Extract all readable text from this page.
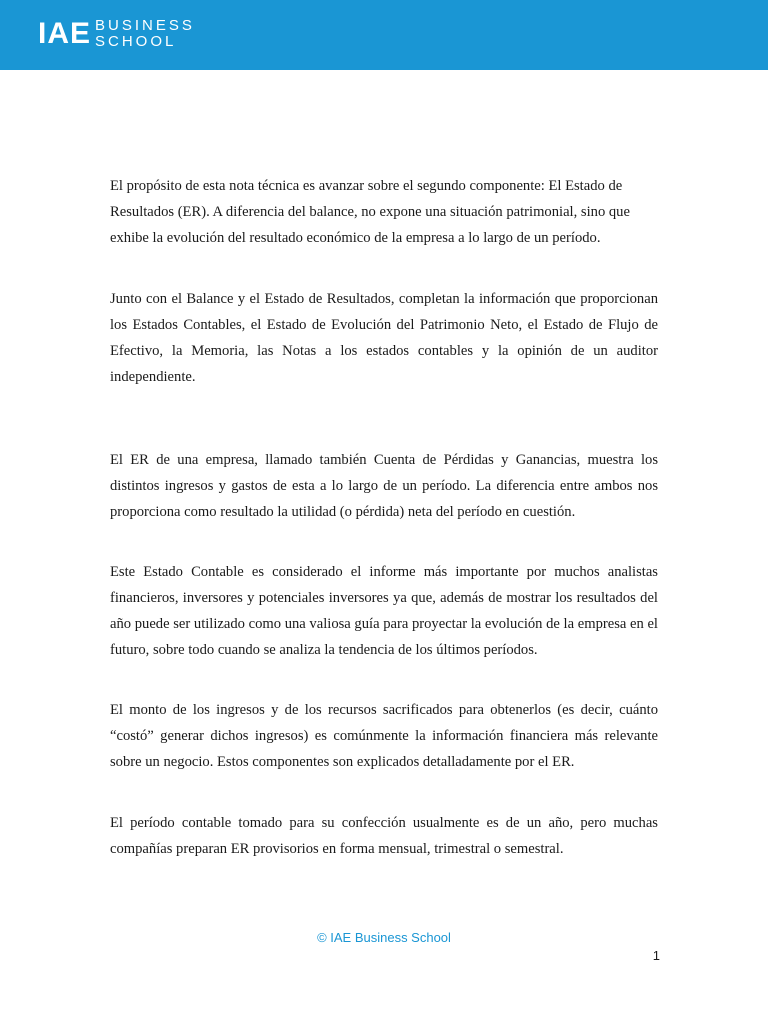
IAE BUSINESS
SCHOOL

El propósito de esta nota técnica es avanzar sobre el segundo componente: El Estado de Resultados (ER). A diferencia del balance, no expone una situación patrimonial, sino que exhibe la evolución del resultado económico de la empresa a lo largo de un período.

Junto con el Balance y el Estado de Resultados, completan la información que proporcionan los Estados Contables, el Estado de Evolución del Patrimonio Neto, el Estado de Flujo de Efectivo, la Memoria, las Notas a los estados contables y la opinión de un auditor independiente.

El ER de una empresa, llamado también Cuenta de Pérdidas y Ganancias, muestra los distintos ingresos y gastos de esta a lo largo de un período. La diferencia entre ambos nos proporciona como resultado la utilidad (o pérdida) neta del período en cuestión.

Este Estado Contable es considerado el informe más importante por muchos analistas financieros, inversores y potenciales inversores ya que, además de mostrar los resultados del año puede ser utilizado como una valiosa guía para proyectar la evolución de la empresa en el futuro, sobre todo cuando se analiza la tendencia de los últimos períodos.

El monto de los ingresos y de los recursos sacrificados para obtenerlos (es decir, cuánto “costó” generar dichos ingresos) es comúnmente la información financiera más relevante sobre un negocio. Estos componentes son explicados detalladamente por el ER.

El período contable tomado para su confección usualmente es de un año, pero muchas compañías preparan ER provisorios en forma mensual, trimestral o semestral.

© IAE Business School
1
